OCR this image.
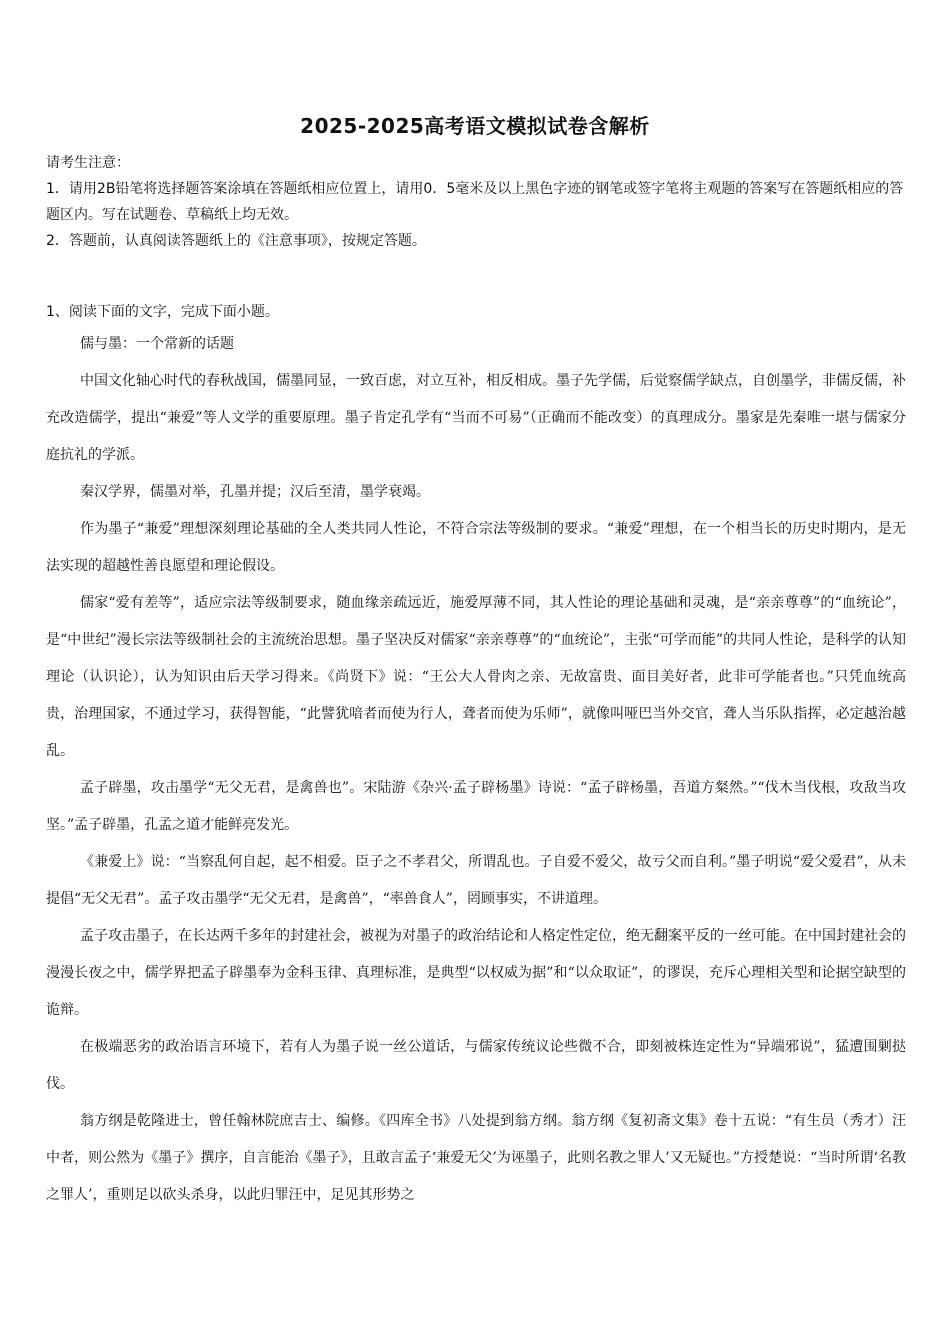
2025-2025高考语文模拟试卷含解析

请考生注意：

1．请用2B铅笔将选择题答案涂填在答题纸相应位置上，请用0．5毫米及以上黑色字迹的钢笔或签字笔将主观题的答案写在答题纸相应的答题区内。写在试题卷、草稿纸上均无效。

2．答题前，认真阅读答题纸上的《注意事项》，按规定答题。

1、阅读下面的文字，完成下面小题。

儒与墨：一个常新的话题

中国文化轴心时代的春秋战国，儒墨同显，一致百虑，对立互补，相反相成。墨子先学儒，后觉察儒学缺点，自创墨学，非儒反儒，补充改造儒学，提出“兼爱”等人文学的重要原理。墨子肯定孔学有“当而不可易”（正确而不能改变）的真理成分。墨家是先秦唯一堪与儒家分庭抗礼的学派。

秦汉学界，儒墨对举，孔墨并提；汉后至清，墨学衰竭。

作为墨子“兼爱”理想深刻理论基础的全人类共同人性论，不符合宗法等级制的要求。“兼爱”理想，在一个相当长的历史时期内，是无法实现的超越性善良愿望和理论假设。

儒家“爱有差等”，适应宗法等级制要求，随血缘亲疏远近，施爱厚薄不同，其人性论的理论基础和灵魂，是“亲亲尊尊”的“血统论”，是“中世纪”漫长宗法等级制社会的主流统治思想。墨子坚决反对儒家“亲亲尊尊”的“血统论”，主张“可学而能”的共同人性论，是科学的认知理论（认识论），认为知识由后天学习得来。《尚贤下》说：“王公大人骨肉之亲、无故富贵、面目美好者，此非可学能者也。”只凭血统高贵，治理国家，不通过学习，获得智能，“此譬犹喑者而使为行人，聋者而使为乐师”，就像叫哑巴当外交官，聋人当乐队指挥，必定越治越乱。

孟子辟墨，攻击墨学“无父无君，是禽兽也”。宋陆游《杂兴·孟子辟杨墨》诗说：“孟子辟杨墨，吾道方粲然。”“伐木当伐根，攻敌当攻坚。”孟子辟墨，孔孟之道才能鲜亮发光。

《兼爱上》说：“当察乱何自起，起不相爱。臣子之不孝君父，所谓乱也。子自爱不爱父，故亏父而自利。”墨子明说“爱父爱君”，从未提倡“无父无君”。孟子攻击墨学“无父无君，是禽兽”，“率兽食人”，罔顾事实，不讲道理。

孟子攻击墨子，在长达两千多年的封建社会，被视为对墨子的政治结论和人格定性定位，绝无翻案平反的一丝可能。在中国封建社会的漫漫长夜之中，儒学界把孟子辟墨奉为金科玉律、真理标准，是典型“以权威为据”和“以众取证”，的谬误，充斥心理相关型和论据空缺型的诡辩。

在极端恶劣的政治语言环境下，若有人为墨子说一丝公道话，与儒家传统议论些微不合，即刻被株连定性为“异端邪说”，猛遭围剿挞伐。

翁方纲是乾隆进士，曾任翰林院庶吉士、编修。《四库全书》八处提到翁方纲。翁方纲《复初斋文集》卷十五说：“有生员（秀才）汪中者，则公然为《墨子》撰序，自言能治《墨子》，且敢言孟子‘兼爱无父’为诬墨子，此则名教之罪人’又无疑也。”方授楚说：“当时所谓‘名教之罪人’，重则足以砍头杀身，以此归罪汪中，足见其形势之
